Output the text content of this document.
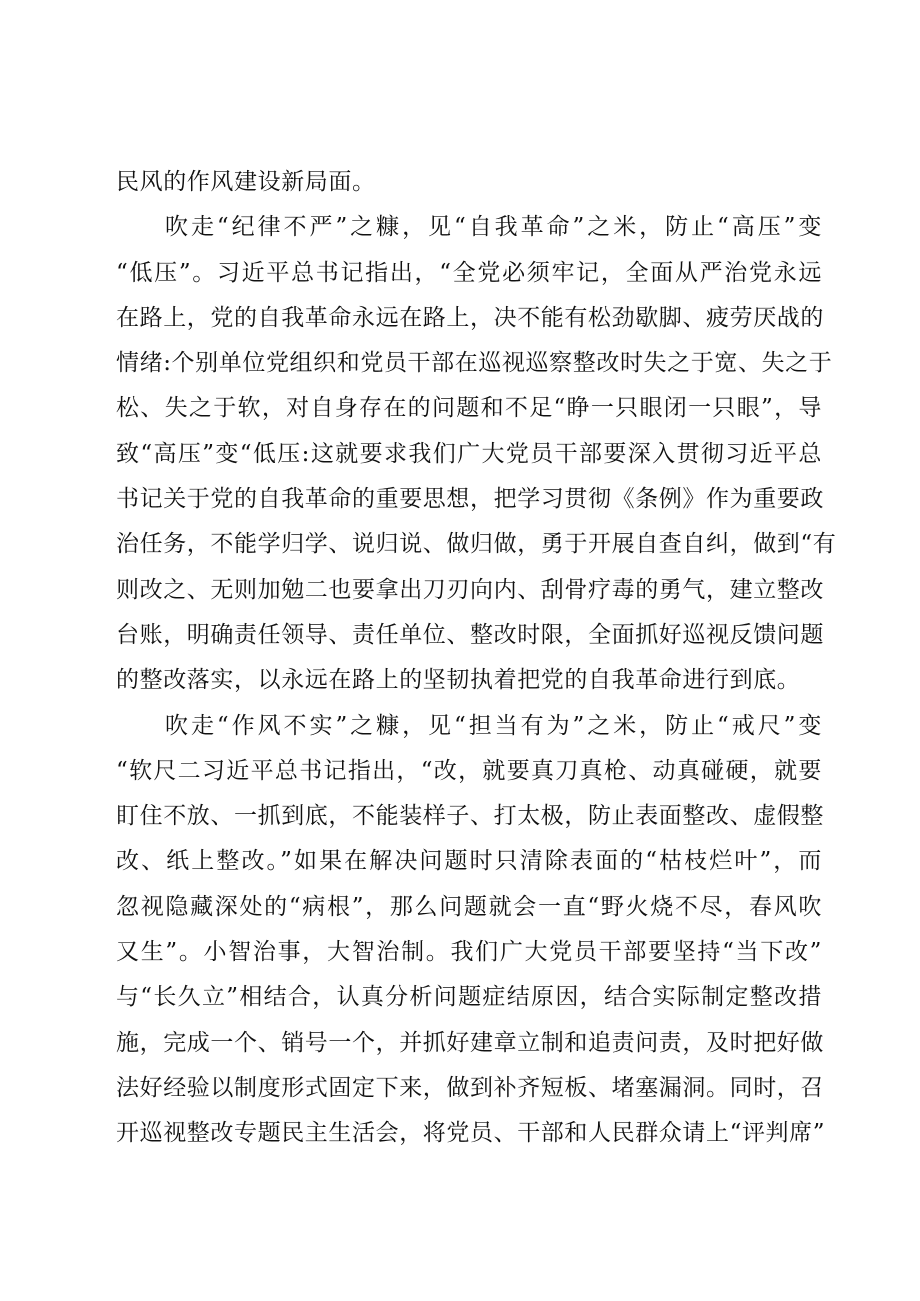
民风的作风建设新局面。
吹走“纪律不严”之糠，见“自我革命”之米，防止“高压”变
“低压”。习近平总书记指出，“全党必须牢记，全面从严治党永远
在路上，党的自我革命永远在路上，决不能有松劲歇脚、疲劳厌战的
情绪:个别单位党组织和党员干部在巡视巡察整改时失之于宽、失之于
松、失之于软，对自身存在的问题和不足“睁一只眼闭一只眼”，导
致“高压”变“低压:这就要求我们广大党员干部要深入贯彻习近平总
书记关于党的自我革命的重要思想，把学习贯彻《条例》作为重要政
治任务，不能学归学、说归说、做归做，勇于开展自查自纠，做到“有
则改之、无则加勉二也要拿出刀刃向内、刮骨疗毒的勇气，建立整改
台账，明确责任领导、责任单位、整改时限，全面抓好巡视反馈问题
的整改落实，以永远在路上的坚韧执着把党的自我革命进行到底。
吹走“作风不实”之糠，见“担当有为”之米，防止“戒尺”变
“软尺二习近平总书记指出，“改，就要真刀真枪、动真碰硬，就要
盯住不放、一抓到底，不能装样子、打太极，防止表面整改、虚假整
改、纸上整改。”如果在解决问题时只清除表面的“枯枝烂叶”，而
忽视隐藏深处的“病根”，那么问题就会一直“野火烧不尽，春风吹
又生”。小智治事，大智治制。我们广大党员干部要坚持“当下改”
与“长久立”相结合，认真分析问题症结原因，结合实际制定整改措
施，完成一个、销号一个，并抓好建章立制和追责问责，及时把好做
法好经验以制度形式固定下来，做到补齐短板、堵塞漏洞。同时，召
开巡视整改专题民主生活会，将党员、干部和人民群众请上“评判席”
